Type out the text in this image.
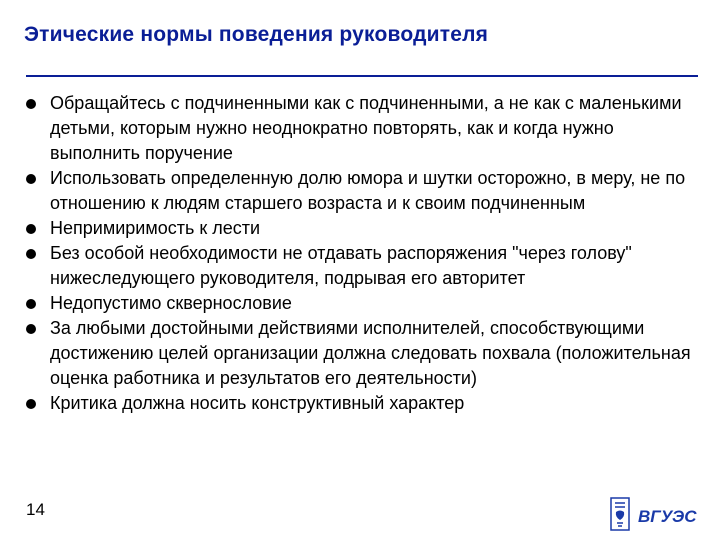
Этические нормы поведения руководителя
Обращайтесь с подчиненными как с подчиненными, а не как с маленькими детьми, которым нужно неоднократно повторять, как и когда нужно выполнить поручение
Использовать определенную долю юмора и шутки осторожно, в меру, не по отношению к людям старшего возраста и к своим подчиненным
Непримиримость к лести
Без особой необходимости не отдавать распоряжения "через голову" нижеследующего руководителя, подрывая его авторитет
Недопустимо сквернословие
За любыми достойными действиями исполнителей, способствующими достижению целей организации должна следовать похвала (положительная оценка работника и результатов его деятельности)
Критика должна носить конструктивный характер
14	ВГУЭС
